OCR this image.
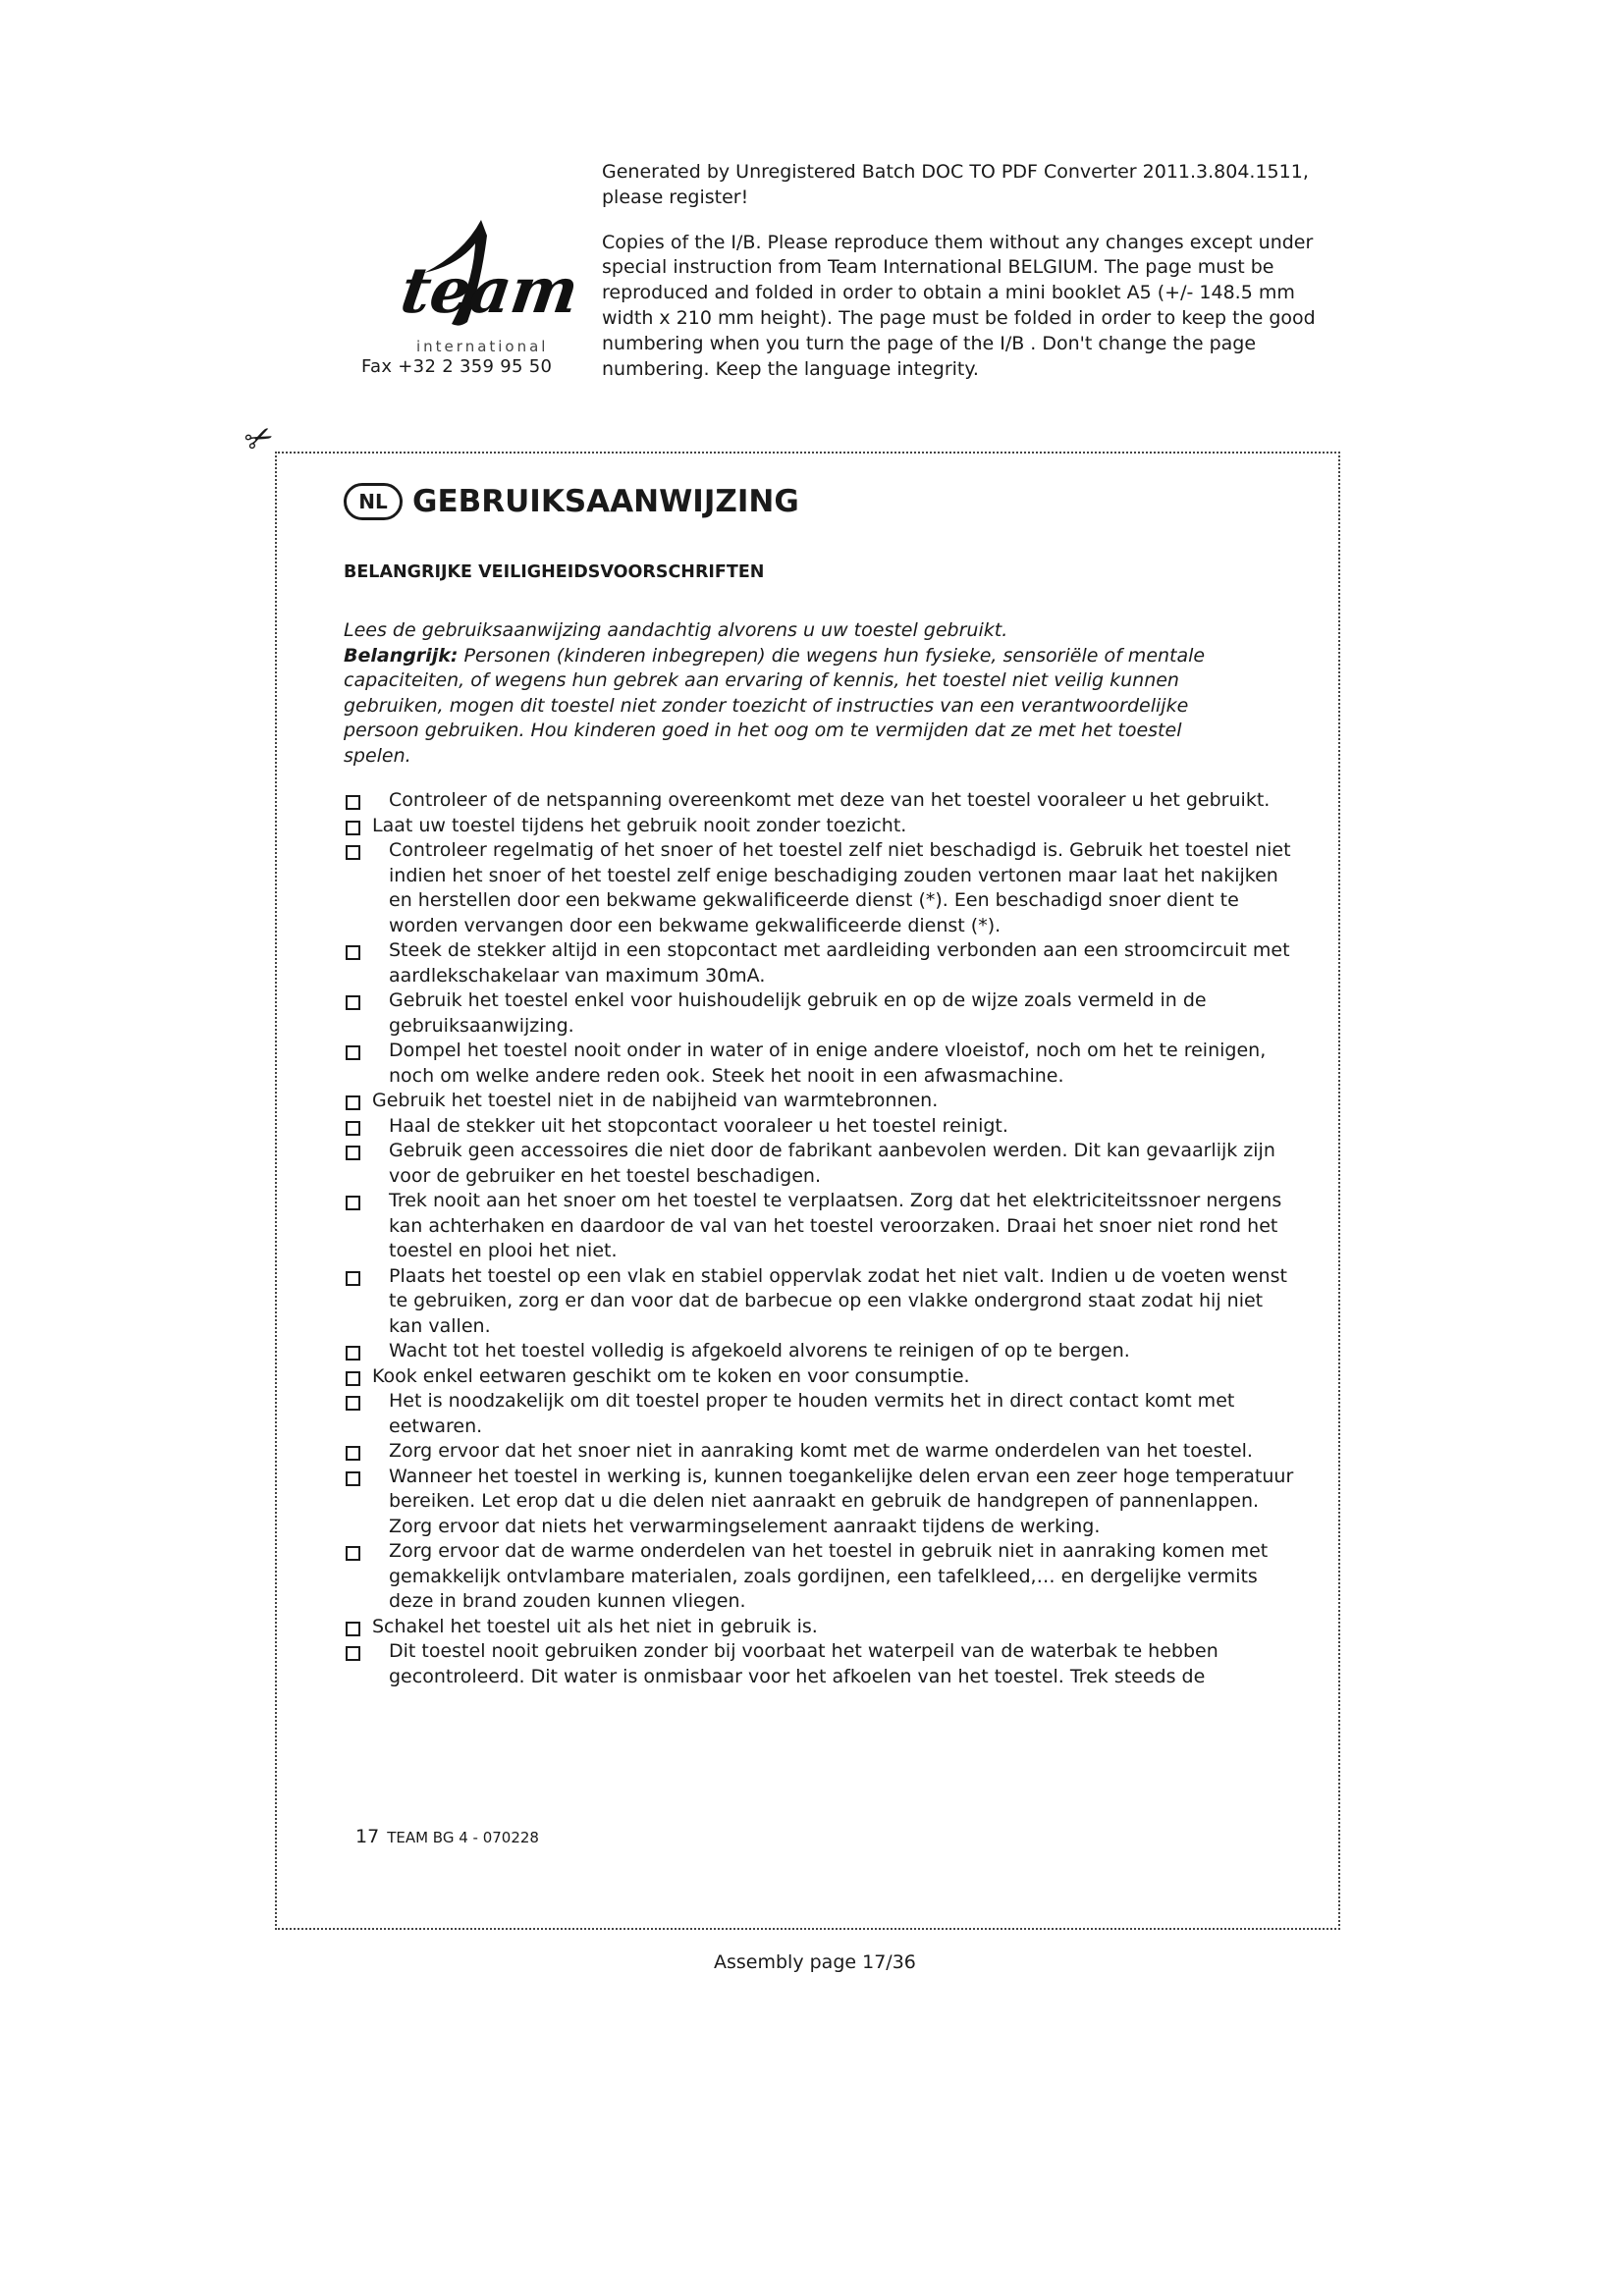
team
international
Fax +32 2 359 95 50

Generated by Unregistered Batch DOC TO PDF Converter 2011.3.804.1511, please register!

Copies of the I/B. Please reproduce them without any changes except under special instruction from Team International BELGIUM. The page must be reproduced and folded in order to obtain a mini booklet A5 (+/- 148.5 mm width x 210 mm height). The page must be folded in order to keep the good numbering when you turn the page of the I/B . Don't change the page numbering. Keep the language integrity.

✂
NL GEBRUIKSAANWIJZING
BELANGRIJKE VEILIGHEIDSVOORSCHRIFTEN

Lees de gebruiksaanwijzing aandachtig alvorens u uw toestel gebruikt.

Belangrijk: Personen (kinderen inbegrepen) die wegens hun fysieke, sensoriële of mentale capaciteiten, of wegens hun gebrek aan ervaring of kennis, het toestel niet veilig kunnen gebruiken, mogen dit toestel niet zonder toezicht of instructies van een verantwoordelijke persoon gebruiken. Hou kinderen goed in het oog om te vermijden dat ze met het toestel spelen.

Controleer of de netspanning overeenkomt met deze van het toestel vooraleer u het gebruikt.
Laat uw toestel tijdens het gebruik nooit zonder toezicht.
Controleer regelmatig of het snoer of het toestel zelf niet beschadigd is. Gebruik het toestel niet indien het snoer of het toestel zelf enige beschadiging zouden vertonen maar laat het nakijken en herstellen door een bekwame gekwalificeerde dienst (*). Een beschadigd snoer dient te worden vervangen door een bekwame gekwalificeerde dienst (*).
Steek de stekker altijd in een stopcontact met aardleiding verbonden aan een stroomcircuit met aardlekschakelaar van maximum 30mA.
Gebruik het toestel enkel voor huishoudelijk gebruik en op de wijze zoals vermeld in de gebruiksaanwijzing.
Dompel het toestel nooit onder in water of in enige andere vloeistof, noch om het te reinigen, noch om welke andere reden ook. Steek het nooit in een afwasmachine.
Gebruik het toestel niet in de nabijheid van warmtebronnen.
Haal de stekker uit het stopcontact vooraleer u het toestel reinigt.
Gebruik geen accessoires die niet door de fabrikant aanbevolen werden. Dit kan gevaarlijk zijn voor de gebruiker en het toestel beschadigen.
Trek nooit aan het snoer om het toestel te verplaatsen. Zorg dat het elektriciteitssnoer nergens kan achterhaken en daardoor de val van het toestel veroorzaken. Draai het snoer niet rond het toestel en plooi het niet.
Plaats het toestel op een vlak en stabiel oppervlak zodat het niet valt. Indien u de voeten wenst te gebruiken, zorg er dan voor dat de barbecue op een vlakke ondergrond staat zodat hij niet kan vallen.
Wacht tot het toestel volledig is afgekoeld alvorens te reinigen of op te bergen.
Kook enkel eetwaren geschikt om te koken en voor consumptie.
Het is noodzakelijk om dit toestel proper te houden vermits het in direct contact komt met eetwaren.
Zorg ervoor dat het snoer niet in aanraking komt met de warme onderdelen van het toestel.
Wanneer het toestel in werking is, kunnen toegankelijke delen ervan een zeer hoge temperatuur bereiken. Let erop dat u die delen niet aanraakt en gebruik de handgrepen of pannenlappen. Zorg ervoor dat niets het verwarmingselement aanraakt tijdens de werking.
Zorg ervoor dat de warme onderdelen van het toestel in gebruik niet in aanraking komen met gemakkelijk ontvlambare materialen, zoals gordijnen, een tafelkleed,… en dergelijke vermits deze in brand zouden kunnen vliegen.
Schakel het toestel uit als het niet in gebruik is.
Dit toestel nooit gebruiken zonder bij voorbaat het waterpeil van de waterbak te hebben gecontroleerd. Dit water is onmisbaar voor het afkoelen van het toestel. Trek steeds de
17 TEAM BG 4 - 070228
Assembly page 17/36
